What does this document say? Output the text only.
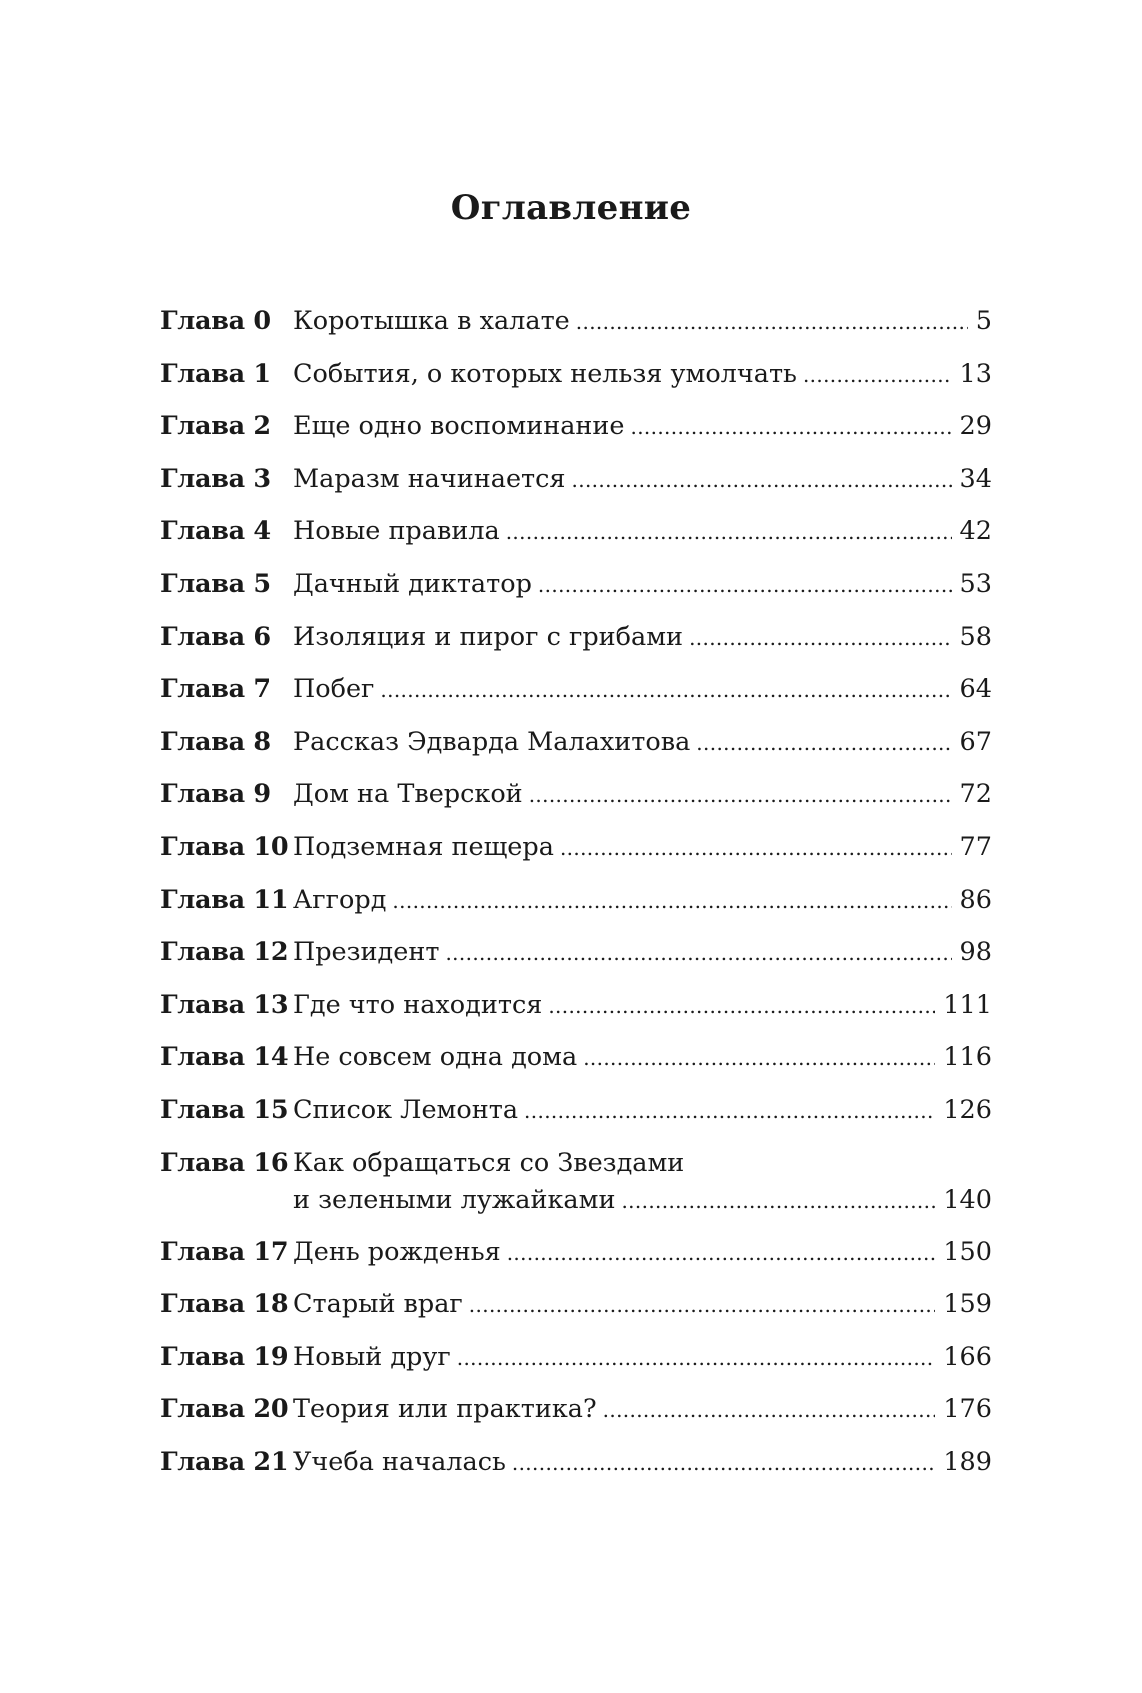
Оглавление
Глава 0 Коротышка в халате . . .	5
Глава 1 События, о которых нельзя умолчать . . .	13
Глава 2 Еще одно воспоминание . . .	29
Глава 3 Маразм начинается . . .	34
Глава 4 Новые правила . . .	42
Глава 5 Дачный диктатор . . .	53
Глава 6 Изоляция и пирог с грибами . . .	58
Глава 7 Побег . . .	64
Глава 8 Рассказ Эдварда Малахитова . . .	67
Глава 9 Дом на Тверской . . .	72
Глава 10 Подземная пещера . . .	77
Глава 11 Аггорд . . .	86
Глава 12 Президент . . .	98
Глава 13 Где что находится . . .	111
Глава 14 Не совсем одна дома . . .	116
Глава 15 Список Лемонта . . .	126
Глава 16 Как обращаться со Звездами
и зелеными лужайками . . .	140
Глава 17 День рожденья . . .	150
Глава 18 Старый враг . . .	159
Глава 19 Новый друг . . .	166
Глава 20 Теория или практика? . . .	176
Глава 21 Учеба началась . . .	189
